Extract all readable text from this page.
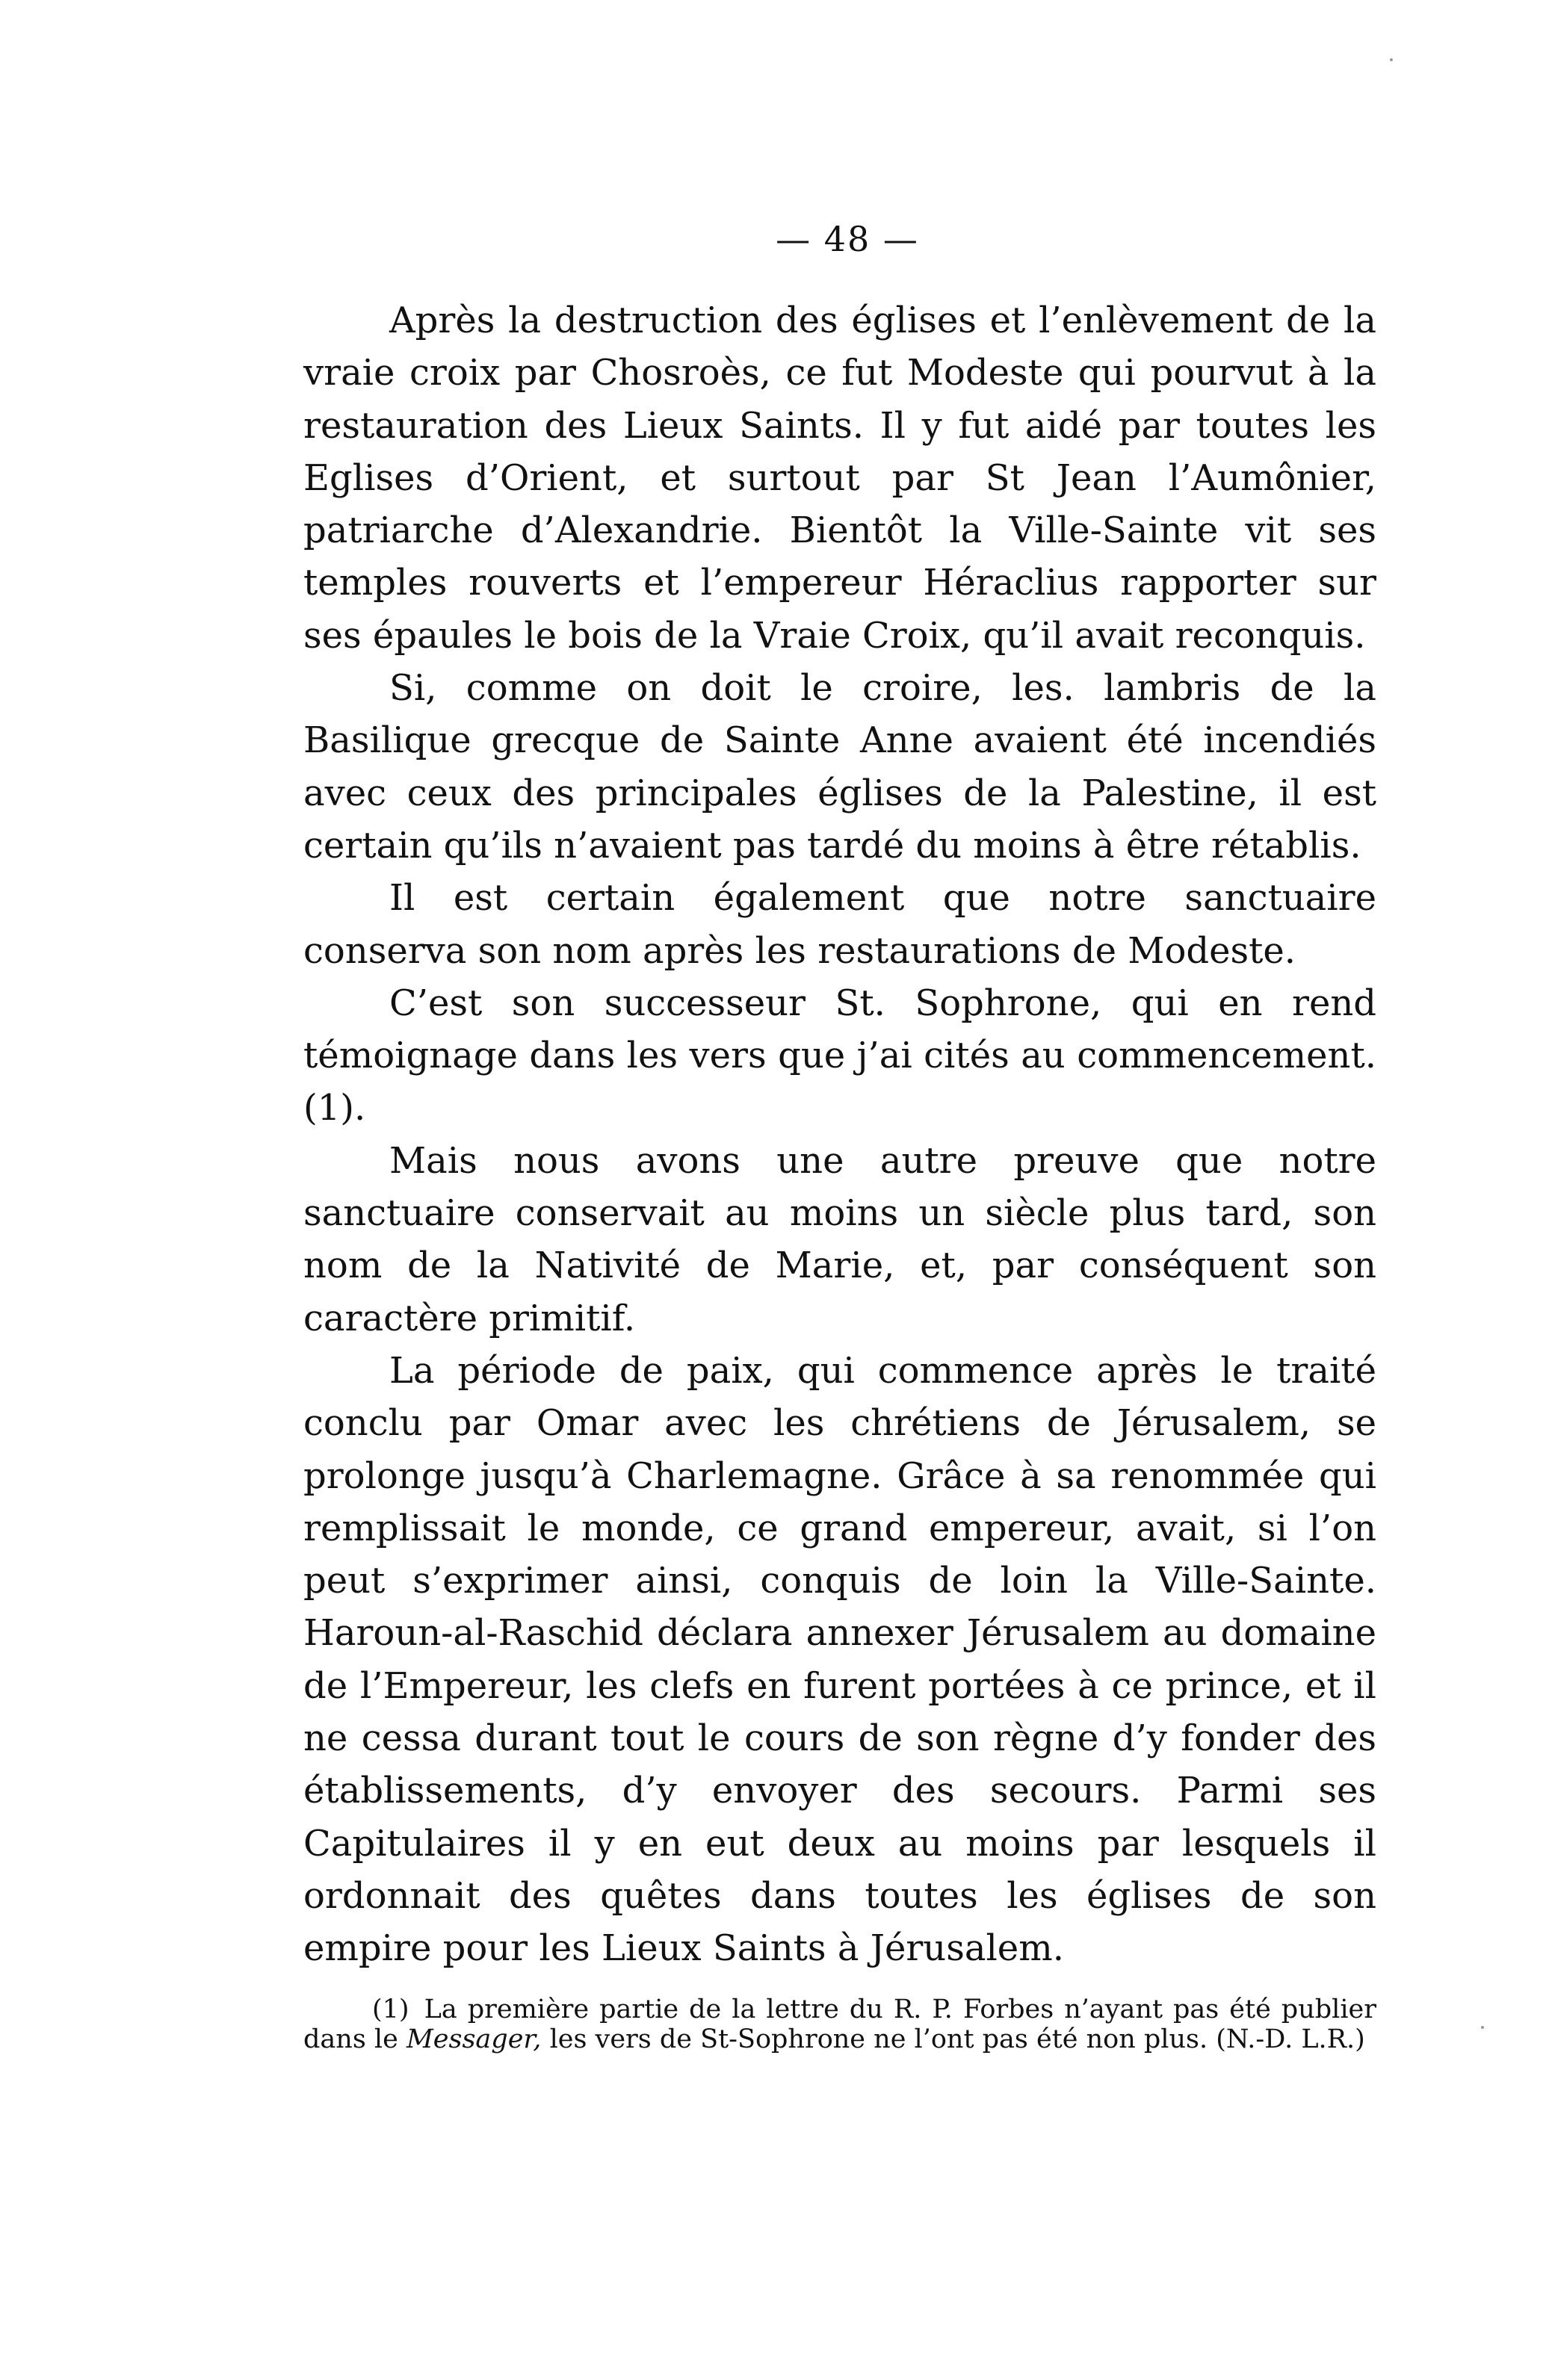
— 48 —

Après la destruction des églises et l’enlèvement de la vraie croix par Chosroès, ce fut Modeste qui pourvut à la restauration des Lieux Saints. Il y fut aidé par toutes les Eglises d’Orient, et surtout par St Jean l’Aumônier, patriarche d’Alexandrie. Bientôt la Ville-Sainte vit ses temples rouverts et l’empereur Héraclius rapporter sur ses épaules le bois de la Vraie Croix, qu’il avait reconquis.

Si, comme on doit le croire, les. lambris de la Basilique grecque de Sainte Anne avaient été incendiés avec ceux des principales églises de la Palestine, il est certain qu’ils n’avaient pas tardé du moins à être rétablis.

Il est certain également que notre sanctuaire conserva son nom après les restaurations de Modeste.

C’est son successeur St. Sophrone, qui en rend témoignage dans les vers que j’ai cités au commencement. (1).

Mais nous avons une autre preuve que notre sanctuaire conservait au moins un siècle plus tard, son nom de la Nativité de Marie, et, par conséquent son caractère primitif.

La période de paix, qui commence après le traité conclu par Omar avec les chrétiens de Jérusalem, se prolonge jusqu’à Charlemagne. Grâce à sa renommée qui remplissait le monde, ce grand empereur, avait, si l’on peut s’exprimer ainsi, conquis de loin la Ville-Sainte. Haroun-al-Raschid déclara annexer Jérusalem au domaine de l’Empereur, les clefs en furent portées à ce prince, et il ne cessa durant tout le cours de son règne d’y fonder des établissements, d’y envoyer des secours. Parmi ses Capitulaires il y en eut deux au moins par lesquels il ordonnait des quêtes dans toutes les églises de son empire pour les Lieux Saints à Jérusalem.

(1) La première partie de la lettre du R. P. Forbes n’ayant pas été publier dans le Messager, les vers de St-Sophrone ne l’ont pas été non plus. (N.-D. L.R.)
